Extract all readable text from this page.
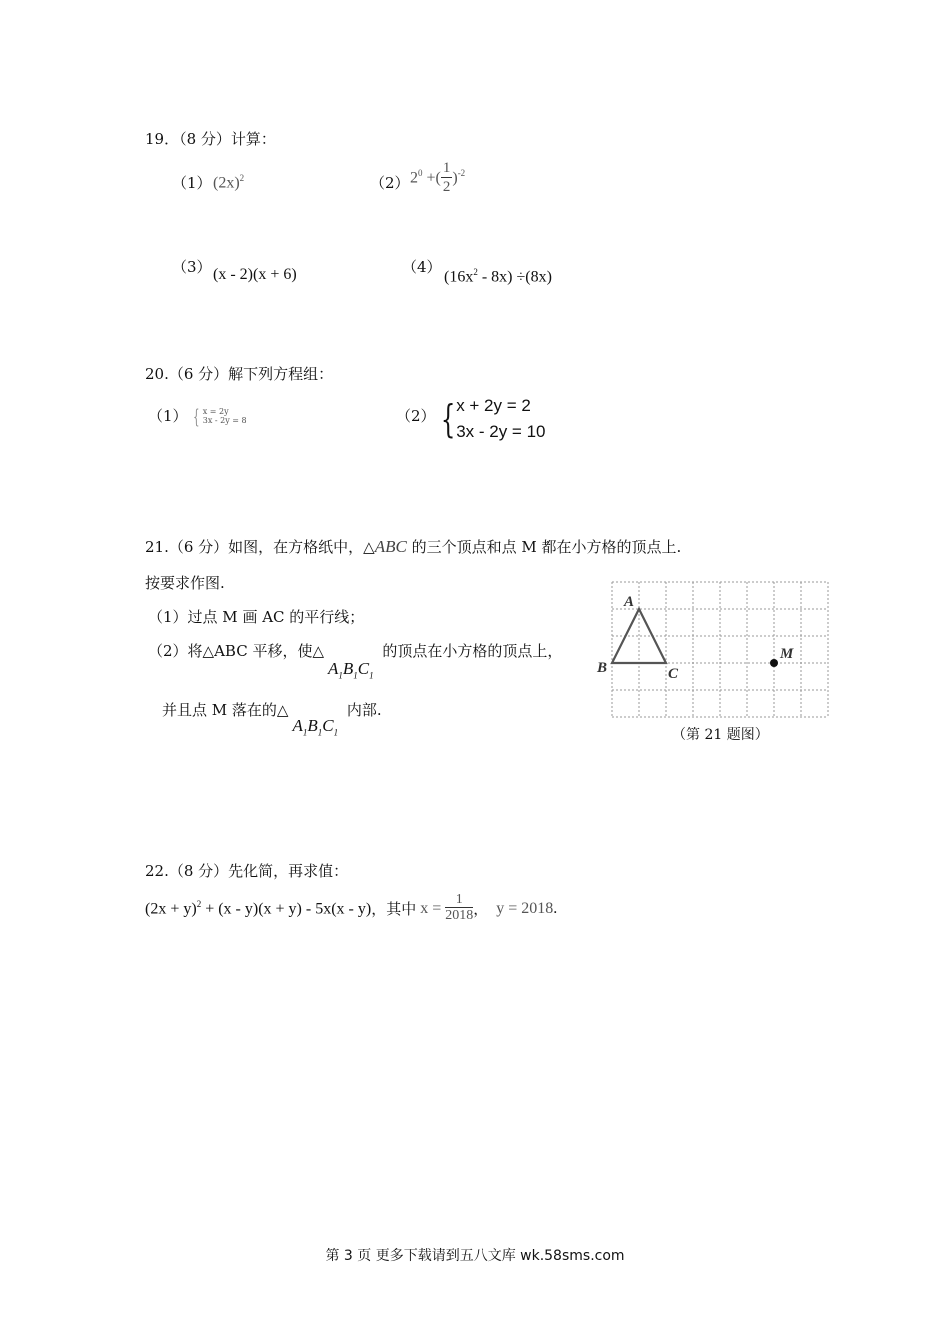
19．（8 分）计算：
（1） $(2x)^2$	（2） $2^0$ +( $\frac{1}{2} )^{-2}$
（3） (x - 2)(x + 6)	（4）
$(16x^2 - 8x) \div(8x)$
20.（6 分）解下列方程组：
（1） { x = 2y
3x - 2y = 8	（2） { x + 2y = 2
3x - 2y = 10
21.（6 分）如图，在方格纸中，△ABC 的三个顶点和点 M 都在小方格的顶点上.
按要求作图.
（1）过点 M 画 AC 的平行线；
（2）将△ABC 平移，使$\triangle A_1B_1C_1$ 的顶点在小方格的顶点上，
并且点 M 落在的$\triangle A_1B_1C_1$ 内部.
A
B	C
M
（第 21 题图）
22.（8 分）先化简，再求值：
$(2x + y)^2 + (x - y)(x + y) - 5x(x - y)$，其中 $x = \frac{1}{2018}$ ， y = 2018.
第 3 页 更多下载请到五八文库 wk.58sms.com
